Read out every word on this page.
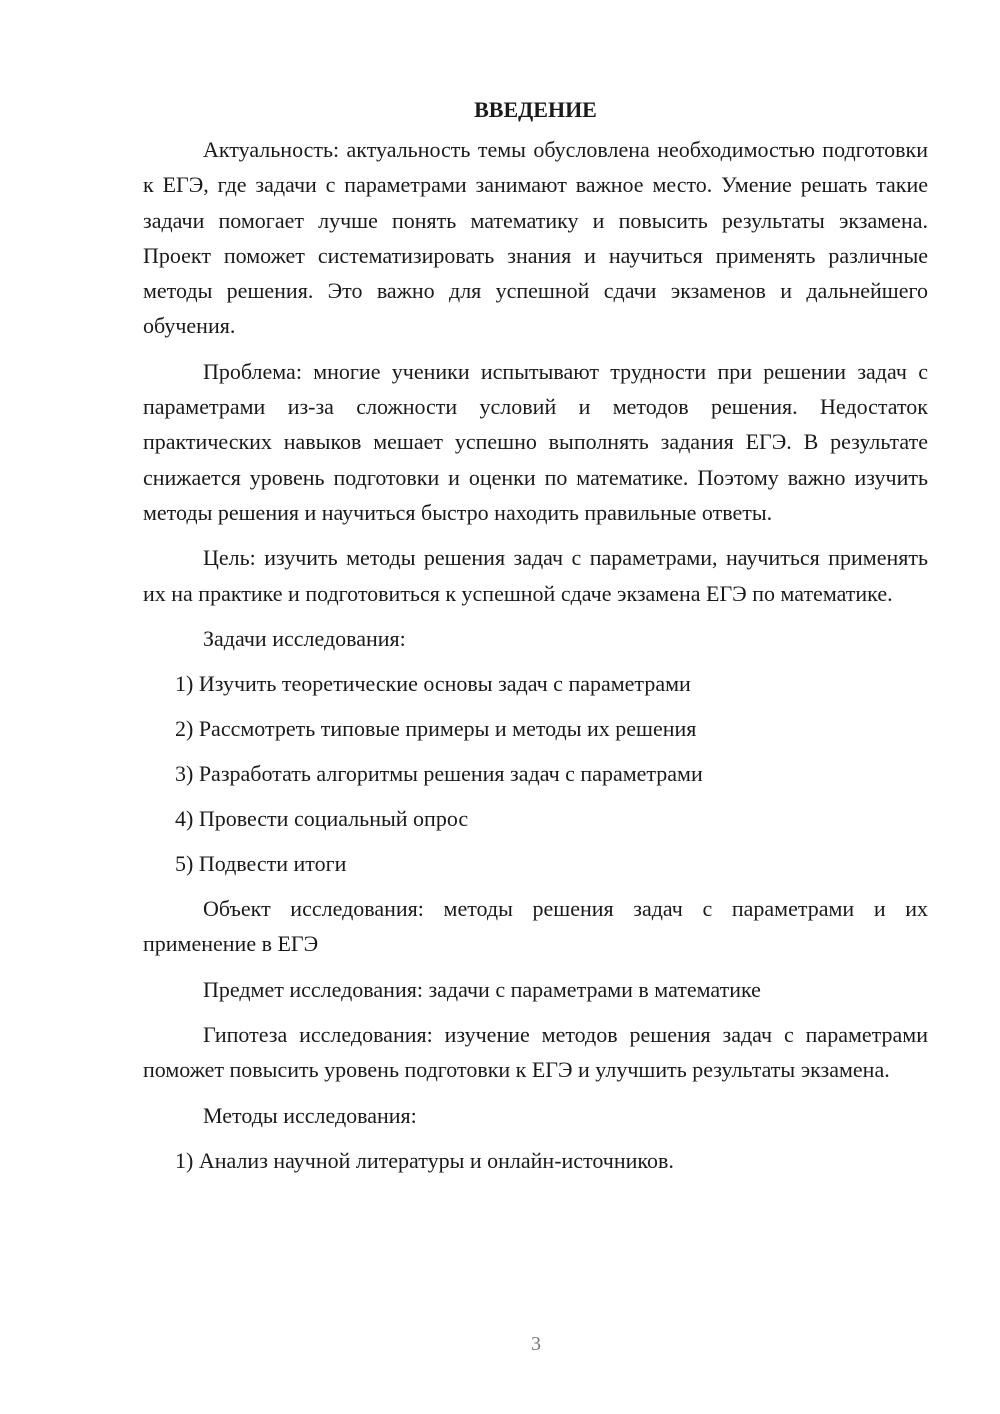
ВВЕДЕНИЕ

Актуальность: актуальность темы обусловлена необходимостью подготовки к ЕГЭ, где задачи с параметрами занимают важное место. Умение решать такие задачи помогает лучше понять математику и повысить результаты экзамена. Проект поможет систематизировать знания и научиться применять различные методы решения. Это важно для успешной сдачи экзаменов и дальнейшего обучения.

Проблема: многие ученики испытывают трудности при решении задач с параметрами из-за сложности условий и методов решения. Недостаток практических навыков мешает успешно выполнять задания ЕГЭ. В результате снижается уровень подготовки и оценки по математике. Поэтому важно изучить методы решения и научиться быстро находить правильные ответы.

Цель: изучить методы решения задач с параметрами, научиться применять их на практике и подготовиться к успешной сдаче экзамена ЕГЭ по математике.

Задачи исследования:

1) Изучить теоретические основы задач с параметрами
2) Рассмотреть типовые примеры и методы их решения
3) Разработать алгоритмы решения задач с параметрами
4) Провести социальный опрос
5) Подвести итоги

Объект исследования: методы решения задач с параметрами и их применение в ЕГЭ

Предмет исследования: задачи с параметрами в математике

Гипотеза исследования: изучение методов решения задач с параметрами поможет повысить уровень подготовки к ЕГЭ и улучшить результаты экзамена.

Методы исследования:

1) Анализ научной литературы и онлайн-источников.
3
